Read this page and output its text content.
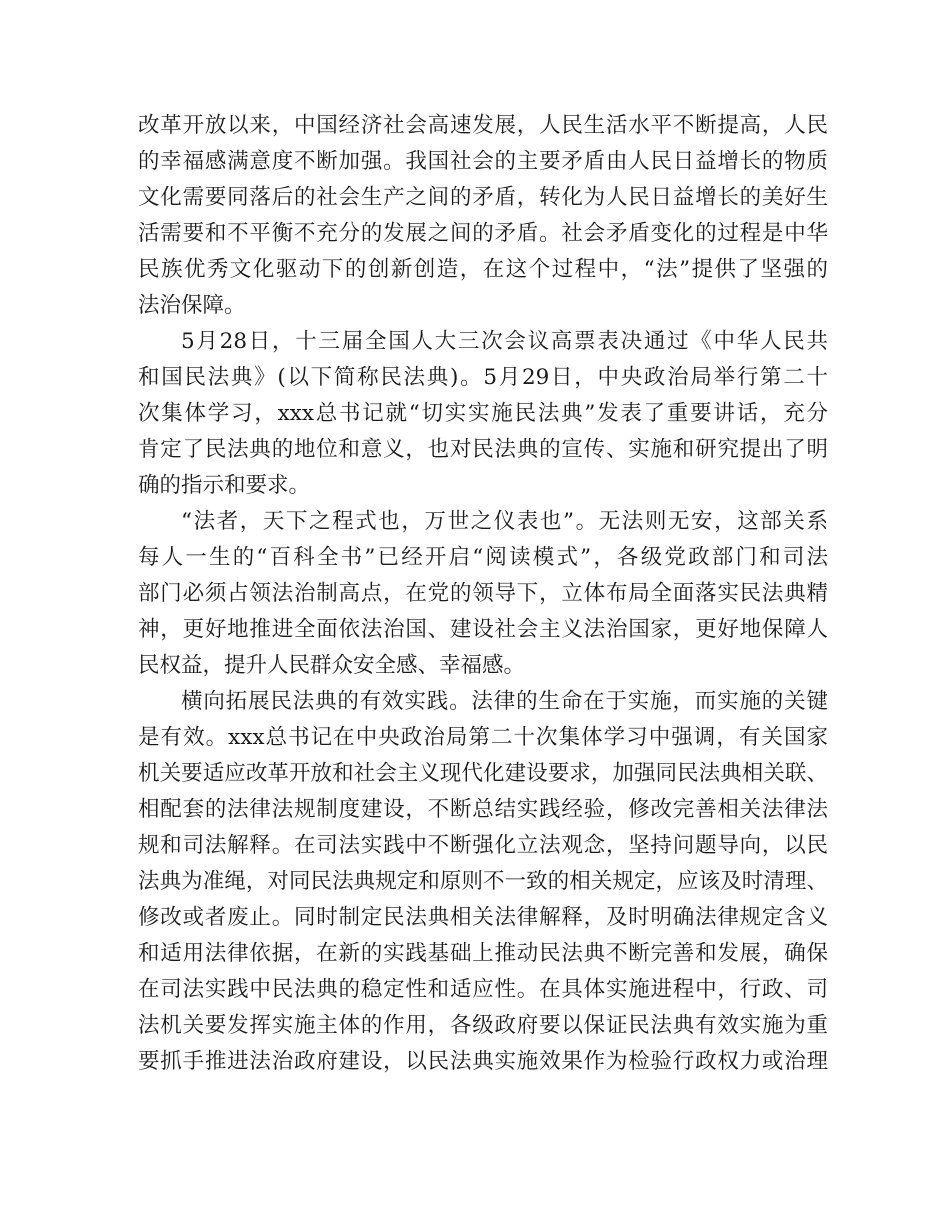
改革开放以来，中国经济社会高速发展，人民生活水平不断提高，人民
的幸福感满意度不断加强。我国社会的主要矛盾由人民日益增长的物质
文化需要同落后的社会生产之间的矛盾，转化为人民日益增长的美好生
活需要和不平衡不充分的发展之间的矛盾。社会矛盾变化的过程是中华
民族优秀文化驱动下的创新创造，在这个过程中，“法”提供了坚强的
法治保障。
5月28日，十三届全国人大三次会议高票表决通过《中华人民共
和国民法典》(以下简称民法典)。5月29日，中央政治局举行第二十
次集体学习，xxx总书记就“切实实施民法典”发表了重要讲话，充分
肯定了民法典的地位和意义，也对民法典的宣传、实施和研究提出了明
确的指示和要求。
“法者，天下之程式也，万世之仪表也”。无法则无安，这部关系
每人一生的“百科全书”已经开启“阅读模式”，各级党政部门和司法
部门必须占领法治制高点，在党的领导下，立体布局全面落实民法典精
神，更好地推进全面依法治国、建设社会主义法治国家，更好地保障人
民权益，提升人民群众安全感、幸福感。
横向拓展民法典的有效实践。法律的生命在于实施，而实施的关键
是有效。xxx总书记在中央政治局第二十次集体学习中强调，有关国家
机关要适应改革开放和社会主义现代化建设要求，加强同民法典相关联、
相配套的法律法规制度建设，不断总结实践经验，修改完善相关法律法
规和司法解释。在司法实践中不断强化立法观念，坚持问题导向，以民
法典为准绳，对同民法典规定和原则不一致的相关规定，应该及时清理、
修改或者废止。同时制定民法典相关法律解释，及时明确法律规定含义
和适用法律依据，在新的实践基础上推动民法典不断完善和发展，确保
在司法实践中民法典的稳定性和适应性。在具体实施进程中，行政、司
法机关要发挥实施主体的作用，各级政府要以保证民法典有效实施为重
要抓手推进法治政府建设，以民法典实施效果作为检验行政权力或治理
